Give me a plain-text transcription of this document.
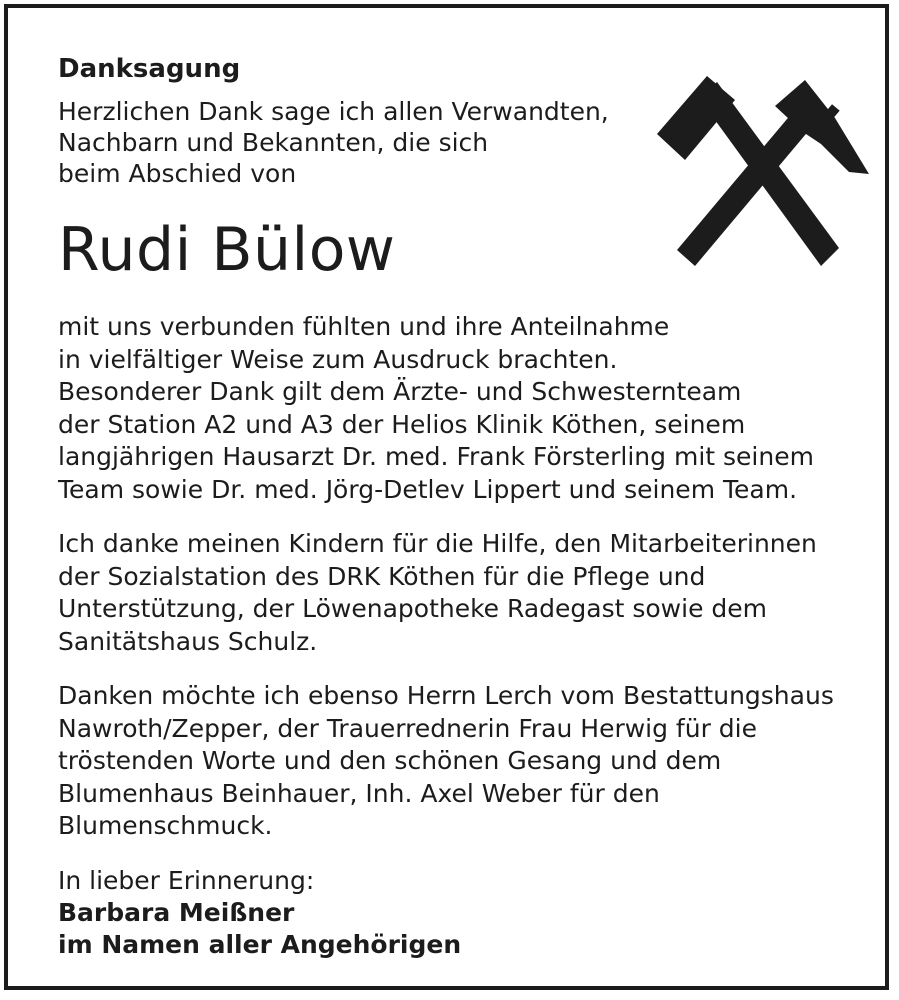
Danksagung

Herzlichen Dank sage ich allen Verwandten,
Nachbarn und Bekannten, die sich
beim Abschied von

Rudi Bülow

mit uns verbunden fühlten und ihre Anteilnahme
in vielfältiger Weise zum Ausdruck brachten.
Besonderer Dank gilt dem Ärzte- und Schwesternteam
der Station A2 und A3 der Helios Klinik Köthen, seinem
langjährigen Hausarzt Dr. med. Frank Försterling mit seinem
Team sowie Dr. med. Jörg-Detlev Lippert und seinem Team.

Ich danke meinen Kindern für die Hilfe, den Mitarbeiterinnen
der Sozialstation des DRK Köthen für die Pflege und
Unterstützung, der Löwenapotheke Radegast sowie dem
Sanitätshaus Schulz.

Danken möchte ich ebenso Herrn Lerch vom Bestattungshaus
Nawroth/Zepper, der Trauerrednerin Frau Herwig für die
tröstenden Worte und den schönen Gesang und dem
Blumenhaus Beinhauer, Inh. Axel Weber für den
Blumenschmuck.

In lieber Erinnerung:
Barbara Meißner
im Namen aller Angehörigen
